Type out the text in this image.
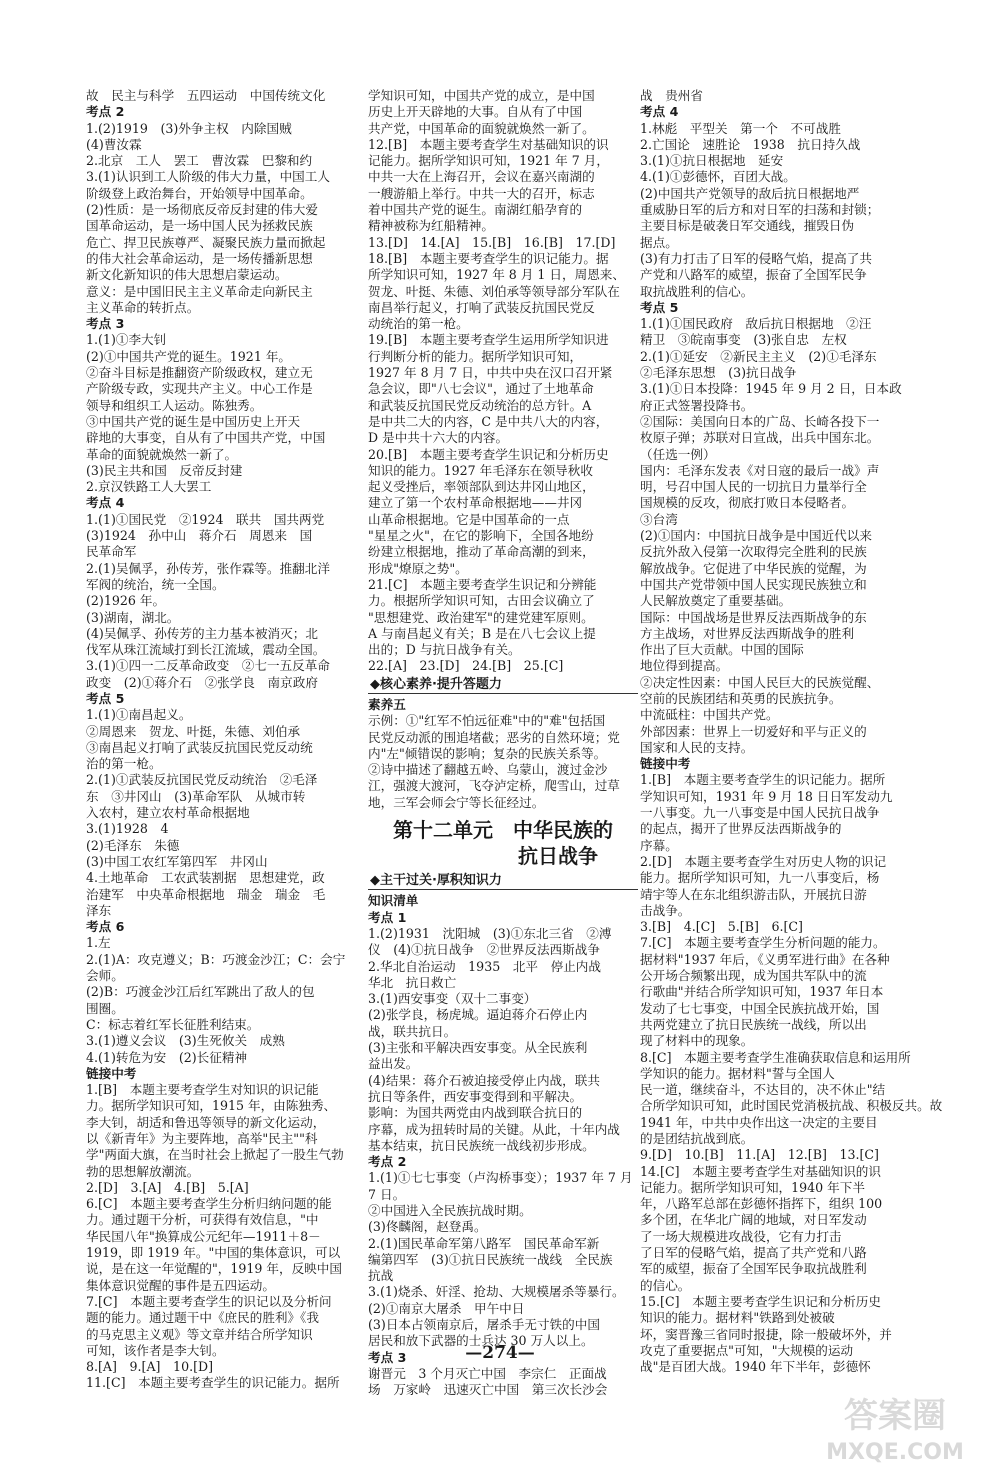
故　民主与科学　五四运动　中国传统文化
考点 2
1.(2)1919　(3)外争主权　内除国贼
(4)曹汝霖
2.北京　工人　罢工　曹汝霖　巴黎和约
3.(1)认识到工人阶级的伟大力量，中国工人
阶级登上政治舞台，开始领导中国革命。
(2)性质：是一场彻底反帝反封建的伟大爱
国革命运动，是一场中国人民为拯救民族
危亡、捍卫民族尊严、凝聚民族力量而掀起
的伟大社会革命运动，是一场传播新思想
新文化新知识的伟大思想启蒙运动。
意义：是中国旧民主主义革命走向新民主
主义革命的转折点。
考点 3
1.(1)①李大钊
(2)①中国共产党的诞生。1921 年。
②奋斗目标是推翻资产阶级政权，建立无
产阶级专政，实现共产主义。中心工作是
领导和组织工人运动。陈独秀。
③中国共产党的诞生是中国历史上开天
辟地的大事变，自从有了中国共产党，中国
革命的面貌就焕然一新了。
(3)民主共和国　反帝反封建
2.京汉铁路工人大罢工
考点 4
1.(1)①国民党　②1924　联共　国共两党
(3)1924　孙中山　蒋介石　周恩来　国
民革命军
2.(1)吴佩孚，孙传芳，张作霖等。推翻北洋
军阀的统治，统一全国。
(2)1926 年。
(3)湖南，湖北。
(4)吴佩孚、孙传芳的主力基本被消灭；北
伐军从珠江流域打到长江流域，震动全国。
3.(1)①四一二反革命政变　②七一五反革命
政变　(2)①蒋介石　②张学良　南京政府
考点 5
1.(1)①南昌起义。
②周恩来　贺龙、叶挺，朱德、刘伯承
③南昌起义打响了武装反抗国民党反动统
治的第一枪。
2.(1)①武装反抗国民党反动统治　②毛泽
东　③井冈山　(3)革命军队　从城市转
入农村，建立农村革命根据地
3.(1)1928　4
(2)毛泽东　朱德
(3)中国工农红军第四军　井冈山
4.土地革命　工农武装割据　思想建党，政
治建军　中央革命根据地　瑞金　瑞金　毛
泽东
考点 6
1.左
2.(1)A：攻克遵义；B：巧渡金沙江；C：会宁
会师。
(2)B：巧渡金沙江后红军跳出了敌人的包
围圈。
C：标志着红军长征胜利结束。
3.(1)遵义会议　(3)生死攸关　成熟
4.(1)转危为安　(2)长征精神
链接中考
1.[B]　本题主要考查学生对知识的识记能
力。据所学知识可知，1915 年，由陈独秀、
李大钊，胡适和鲁迅等领导的新文化运动，
以《新青年》为主要阵地，高举"民主""科
学"两面大旗，在当时社会上掀起了一股生气勃
勃的思想解放潮流。
2.[D]　3.[A]　4.[B]　5.[A]
6.[C]　本题主要考查学生分析归纳问题的能
力。通过题干分析，可获得有效信息，"中
华民国八年"换算成公元纪年—1911＋8－
1919，即 1919 年。"中国的集体意识，可以
说，是在这一年觉醒的"，1919 年，反映中国
集体意识觉醒的事件是五四运动。
7.[C]　本题主要考查学生的识记以及分析问
题的能力。通过题干中《庶民的胜利》《我
的马克思主义观》等文章并结合所学知识
可知，该作者是李大钊。
8.[A]　9.[A]　10.[D]
11.[C]　本题主要考查学生的识记能力。据所
学知识可知，中国共产党的成立，是中国
历史上开天辟地的大事。自从有了中国
共产党，中国革命的面貌就焕然一新了。
12.[B]　本题主要考查学生对基础知识的识
记能力。据所学知识可知，1921 年 7 月，
中共一大在上海召开，会议在嘉兴南湖的
一艘游船上举行。中共一大的召开，标志
着中国共产党的诞生。南湖红船孕育的
精神被称为红船精神。
13.[D]　14.[A]　15.[B]　16.[B]　17.[D]
18.[B]　本题主要考查学生的识记能力。据
所学知识可知，1927 年 8 月 1 日，周恩来、
贺龙、叶挺、朱德、刘伯承等领导部分军队在
南昌举行起义，打响了武装反抗国民党反
动统治的第一枪。
19.[B]　本题主要考查学生运用所学知识进
行判断分析的能力。据所学知识可知，
1927 年 8 月 7 日，中共中央在汉口召开紧
急会议，即"八七会议"，通过了土地革命
和武装反抗国民党反动统治的总方针。A
是中共二大的内容，C 是中共八大的内容，
D 是中共十六大的内容。
20.[B]　本题主要考查学生识记和分析历史
知识的能力。1927 年毛泽东在领导秋收
起义受挫后，率领部队到达井冈山地区，
建立了第一个农村革命根据地——井冈
山革命根据地。它是中国革命的一点
"星星之火"，在它的影响下，全国各地纷
纷建立根据地，推动了革命高潮的到来，
形成"燎原之势"。
21.[C]　本题主要考查学生识记和分辨能
力。根据所学知识可知，古田会议确立了
"思想建党、政治建军"的建党建军原则。
A 与南昌起义有关；B 是在八七会议上提
出的；D 与抗日战争有关。
22.[A]　23.[D]　24.[B]　25.[C]
◆核心素养·提升答题力
素养五
示例：①"红军不怕远征难"中的"难"包括国
民党反动派的围追堵截；恶劣的自然环境；党
内"左"倾错误的影响；复杂的民族关系等。
②诗中描述了翻越五岭、乌蒙山，渡过金沙
江，强渡大渡河，飞夺泸定桥，爬雪山，过草
地，三军会师会宁等长征经过。
第十二单元　中华民族的
抗日战争
◆主干过关·厚积知识力
知识清单
考点 1
1.(2)1931　沈阳城　(3)①东北三省　②溥
仪　(4)①抗日战争　②世界反法西斯战争
2.华北自治运动　1935　北平　停止内战
华北　抗日救亡
3.(1)西安事变（双十二事变）
(2)张学良，杨虎城。逼迫蒋介石停止内
战，联共抗日。
(3)主张和平解决西安事变。从全民族利
益出发。
(4)结果：蒋介石被迫接受停止内战，联共
抗日等条件，西安事变得到和平解决。
影响：为国共两党由内战到联合抗日的
序幕，成为扭转时局的关键。从此，十年内战
基本结束，抗日民族统一战线初步形成。
考点 2
1.(1)①七七事变（卢沟桥事变）；1937 年 7 月
7 日。
②中国进入全民族抗战时期。
(3)佟麟阁，赵登禹。
2.(1)国民革命军第八路军　国民革命军新
编第四军　(3)①抗日民族统一战线　全民族
抗战
3.(1)烧杀、奸淫、抢劫、大规模屠杀等暴行。
(2)①南京大屠杀　甲午中日
(3)日本占领南京后，屠杀手无寸铁的中国
居民和放下武器的士兵达 30 万人以上。
考点 3
谢晋元　3 个月灭亡中国　李宗仁　正面战
场　万家岭　迅速灭亡中国　第三次长沙会
战　贵州省
考点 4
1.林彪　平型关　第一个　不可战胜
2.亡国论　速胜论　1938　抗日持久战
3.(1)①抗日根据地　延安
4.(1)①彭德怀，百团大战。
(2)中国共产党领导的敌后抗日根据地严
重威胁日军的后方和对日军的扫荡和封锁；
主要目标是破袭日军交通线，摧毁日伪
据点。
(3)有力打击了日军的侵略气焰，提高了共
产党和八路军的威望，振奋了全国军民争
取抗战胜利的信心。
考点 5
1.(1)①国民政府　敌后抗日根据地　②汪
精卫　③皖南事变　(3)张自忠　左权
2.(1)①延安　②新民主主义　(2)①毛泽东
②毛泽东思想　(3)抗日战争
3.(1)①日本投降：1945 年 9 月 2 日，日本政
府正式签署投降书。
②国际：美国向日本的广岛、长崎各投下一
枚原子弹；苏联对日宣战，出兵中国东北。
（任选一例）
国内：毛泽东发表《对日寇的最后一战》声
明，号召中国人民的一切抗日力量举行全
国规模的反攻，彻底打败日本侵略者。
③台湾
(2)①国内：中国抗日战争是中国近代以来
反抗外敌入侵第一次取得完全胜利的民族
解放战争。它促进了中华民族的觉醒，为
中国共产党带领中国人民实现民族独立和
人民解放奠定了重要基础。
国际：中国战场是世界反法西斯战争的东
方主战场，对世界反法西斯战争的胜利
作出了巨大贡献。中国的国际
地位得到提高。
②决定性因素：中国人民巨大的民族觉醒、
空前的民族团结和英勇的民族抗争。
中流砥柱：中国共产党。
外部因素：世界上一切爱好和平与正义的
国家和人民的支持。
链接中考
1.[B]　本题主要考查学生的识记能力。据所
学知识可知，1931 年 9 月 18 日日军发动九
一八事变。九一八事变是中国人民抗日战争
的起点，揭开了世界反法西斯战争的
序幕。
2.[D]　本题主要考查学生对历史人物的识记
能力。据所学知识可知，九一八事变后，杨
靖宇等人在东北组织游击队，开展抗日游
击战争。
3.[B]　4.[C]　5.[B]　6.[C]
7.[C]　本题主要考查学生分析问题的能力。
据材料"1937 年后，《义勇军进行曲》在各种
公开场合频繁出现，成为国共军队中的流
行歌曲"并结合所学知识可知，1937 年日本
发动了七七事变，中国全民族抗战开始，国
共两党建立了抗日民族统一战线，所以出
现了材料中的现象。
8.[C]　本题主要考查学生准确获取信息和运用所
学知识的能力。据材料"誓与全国人
民一道，继续奋斗，不达目的，决不休止"结
合所学知识可知，此时国民党消极抗战、积极反共。故
1941 年，中共中央作出这一决定的主要目
的是团结抗战到底。
9.[D]　10.[B]　11.[A]　12.[B]　13.[C]
14.[C]　本题主要考查学生对基础知识的识
记能力。据所学知识可知，1940 年下半
年，八路军总部在彭德怀指挥下，组织 100
多个团，在华北广阔的地域，对日军发动
了一场大规模进攻战役，它有力打击
了日军的侵略气焰，提高了共产党和八路
军的威望，振奋了全国军民争取抗战胜利
的信心。
15.[C]　本题主要考查学生识记和分析历史
知识的能力。据材料"铁路到处被破
坏，窦晋豫三省同时报捷，除一般破坏外，并
攻克了重要据点"可知，"大规模的运动
战"是百团大战。1940 年下半年，彭德怀
—274—
答案圈
MXQE.COM
